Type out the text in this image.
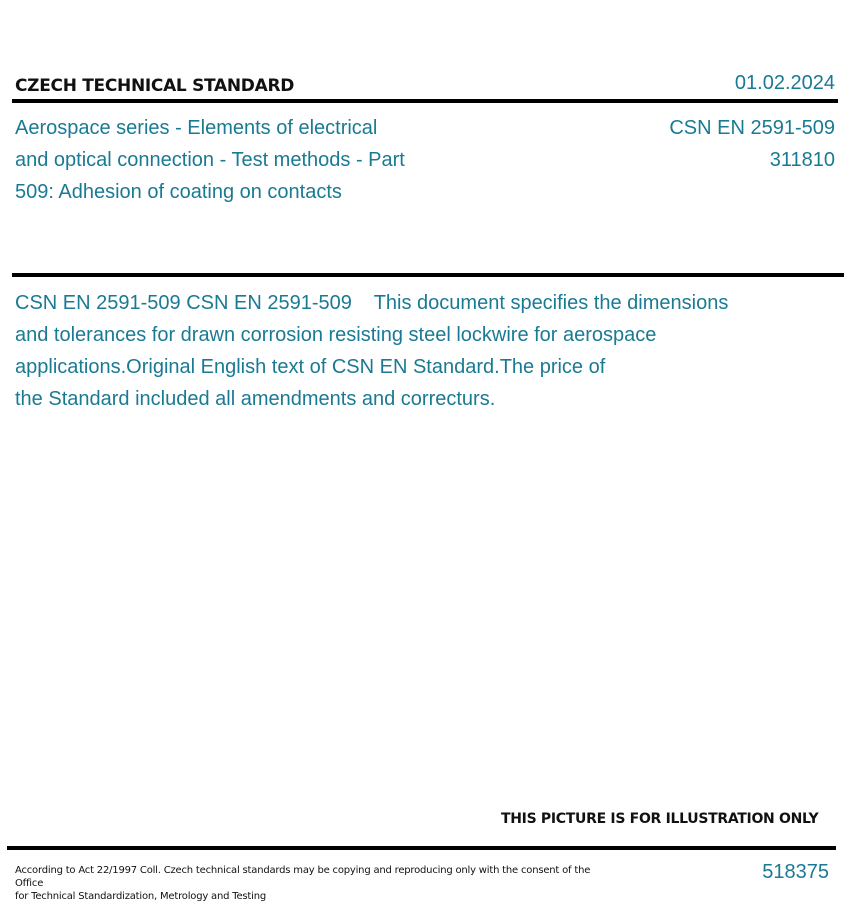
CZECH TECHNICAL STANDARD	01.02.2024
Aerospace series - Elements of electrical
and optical connection - Test methods - Part
509: Adhesion of coating on contacts
CSN EN 2591-509
311810
CSN EN 2591-509 CSN EN 2591-509    This document specifies the dimensions
and tolerances for drawn corrosion resisting steel lockwire for aerospace
applications.Original English text of CSN EN Standard.The price of
the Standard included all amendments and correcturs.
THIS PICTURE IS FOR ILLUSTRATION ONLY
According to Act 22/1997 Coll. Czech technical standards may be copying and reproducing only with the consent of the Office
for Technical Standardization, Metrology and Testing
518375
